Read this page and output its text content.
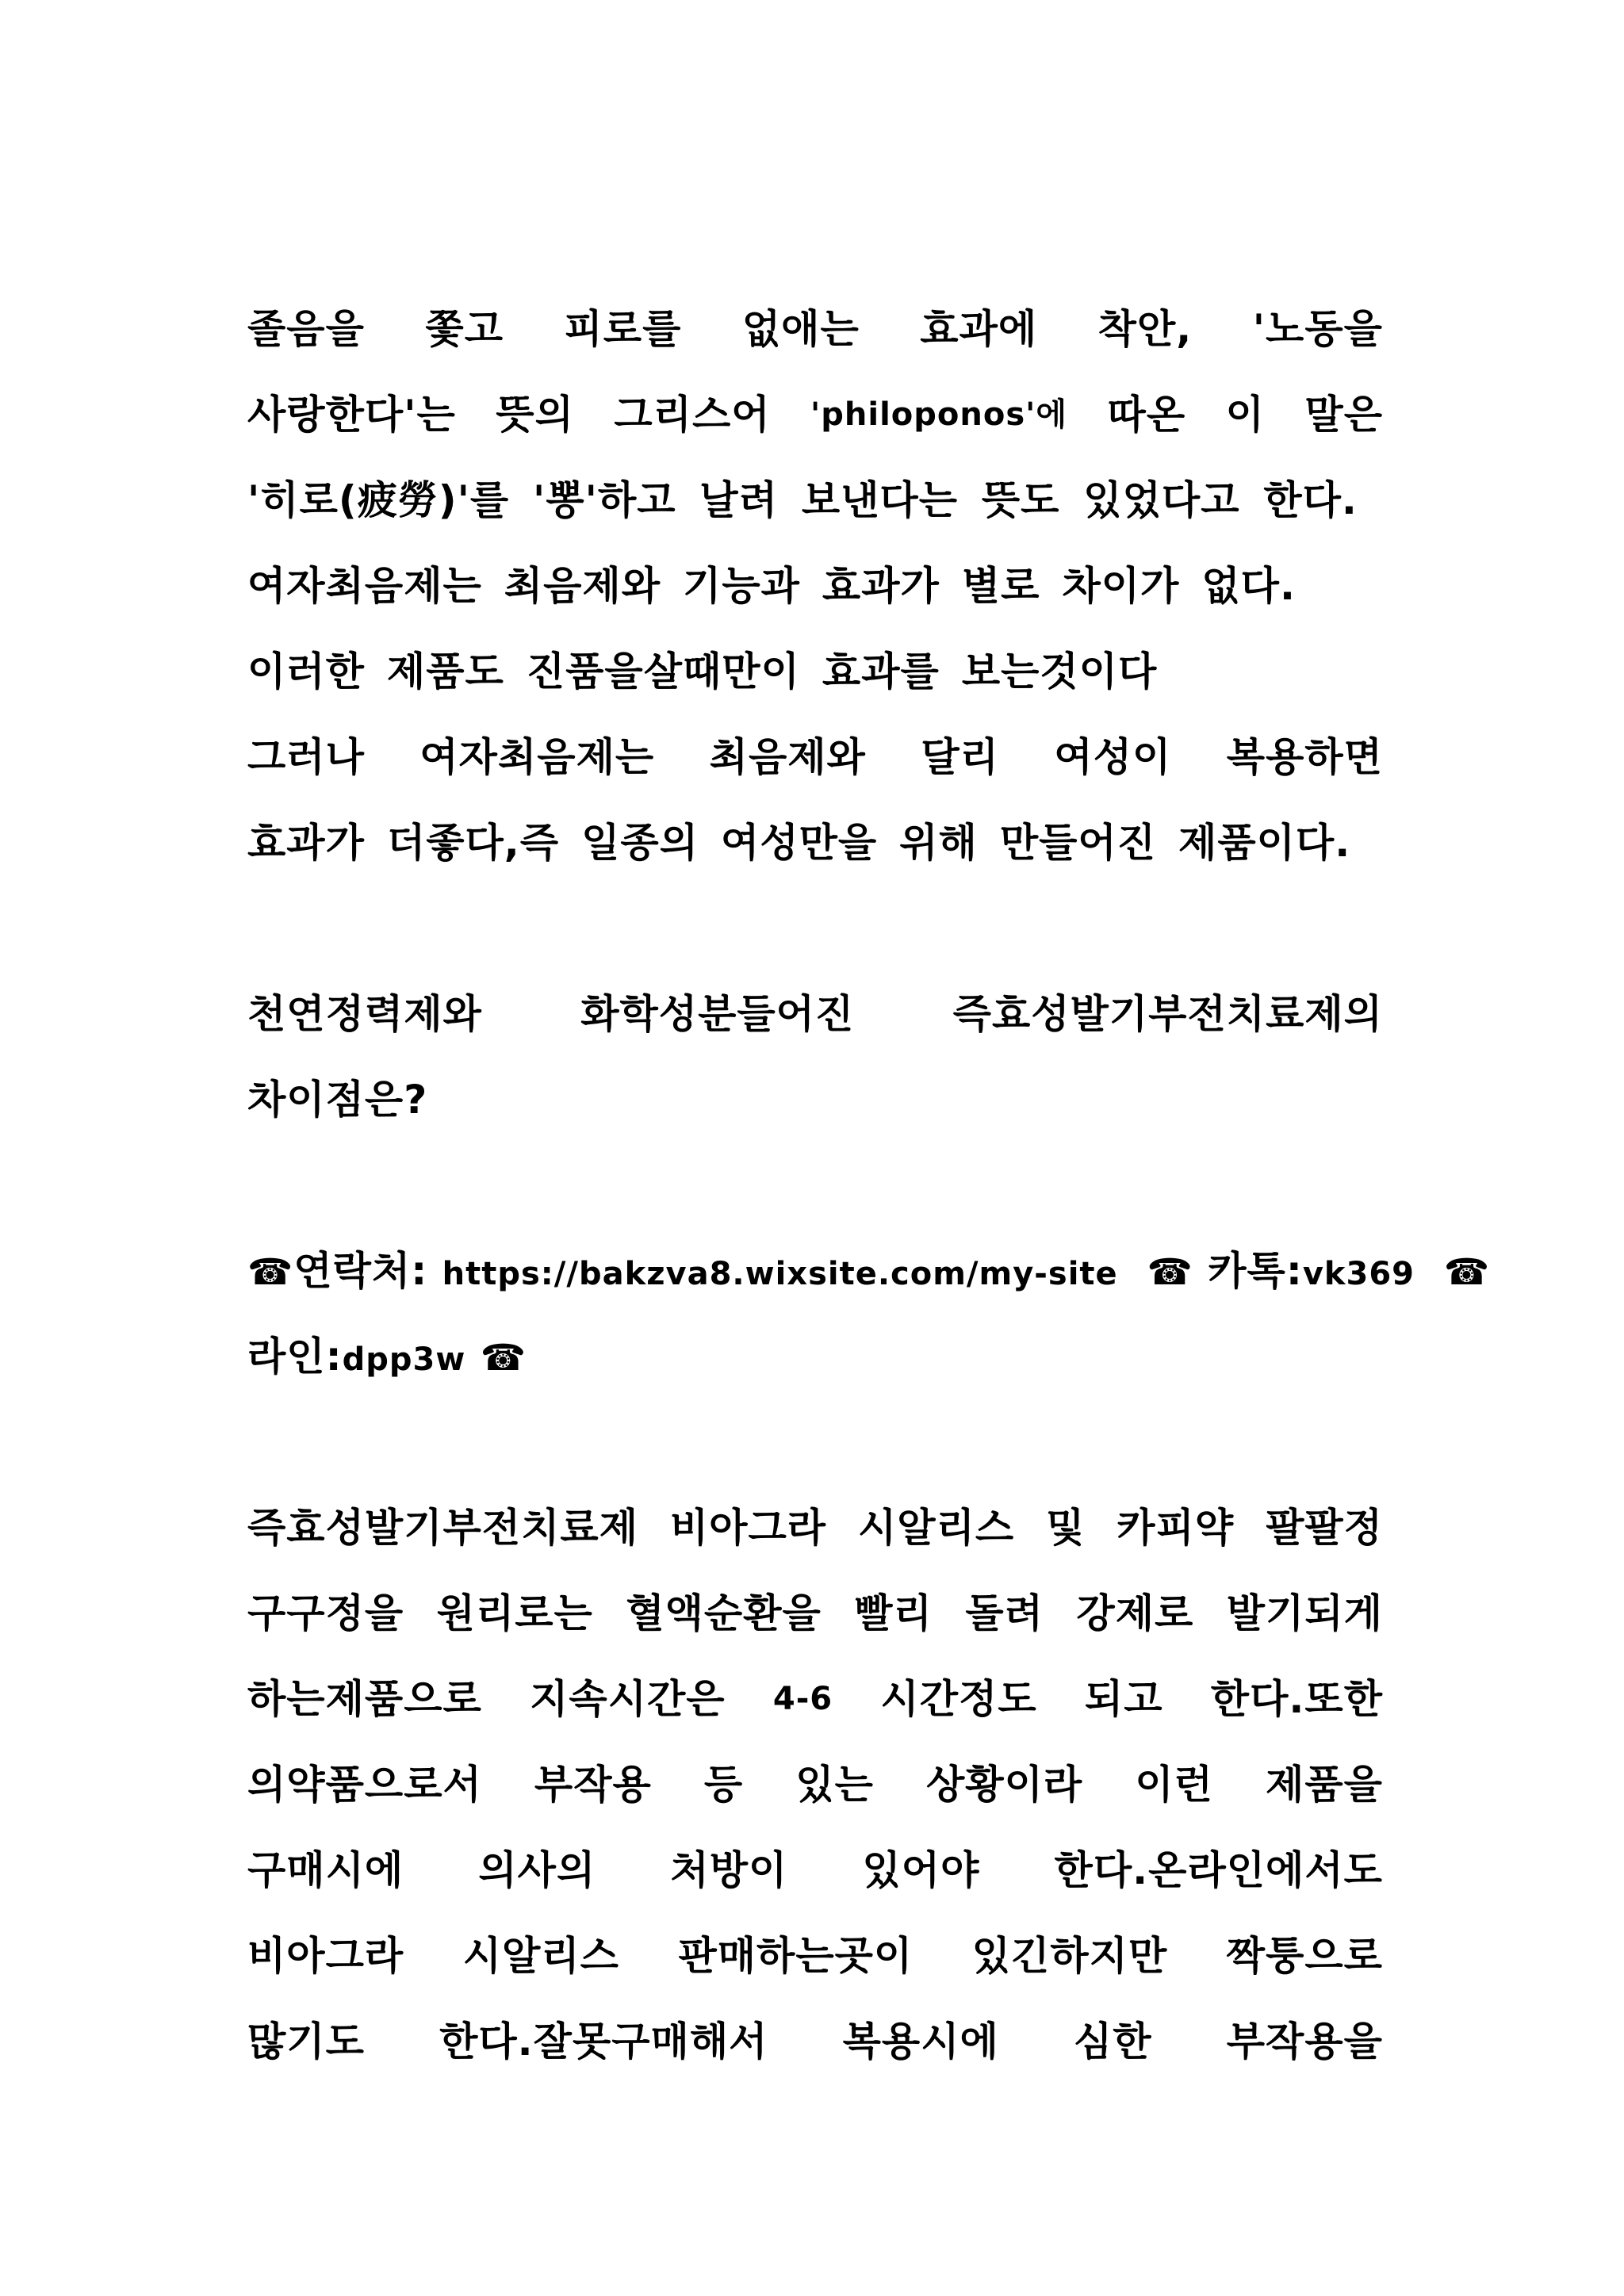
졸음을 쫓고 피로를 없애는 효과에 착안, '노동을
사랑한다'는 뜻의 그리스어 'philoponos'에 따온 이 말은
'히로(疲勞)'를 '뽕'하고 날려 보낸다는 뜻도 있었다고 한다.
여자최음제는 최음제와 기능과 효과가 별로 차이가 없다.
이러한 제품도 진품을살때만이 효과를 보는것이다
그러나 여자최음제는 최음제와 달리 여성이 복용하면
효과가 더좋다,즉 일종의 여성만을 위해 만들어진 제품이다.
천연정력제와 화학성분들어진 즉효성발기부전치료제의
차이점은?
☎연락처: https://bakzva8.wixsite.com/my-site ☎ 카톡:vk369 ☎
라인:dpp3w ☎
즉효성발기부전치료제 비아그라 시알리스 및 카피약 팔팔정
구구정을 원리로는 혈액순환을 빨리 돌려 강제로 발기되게
하는제품으로 지속시간은 4-6 시간정도 되고 한다.또한
의약품으로서 부작용 등 있는 상황이라 이런 제품을
구매시에 의사의 처방이 있어야 한다.온라인에서도
비아그라 시알리스 판매하는곳이 있긴하지만 짝퉁으로
많기도 한다.잘못구매해서 복용시에 심한 부작용을
